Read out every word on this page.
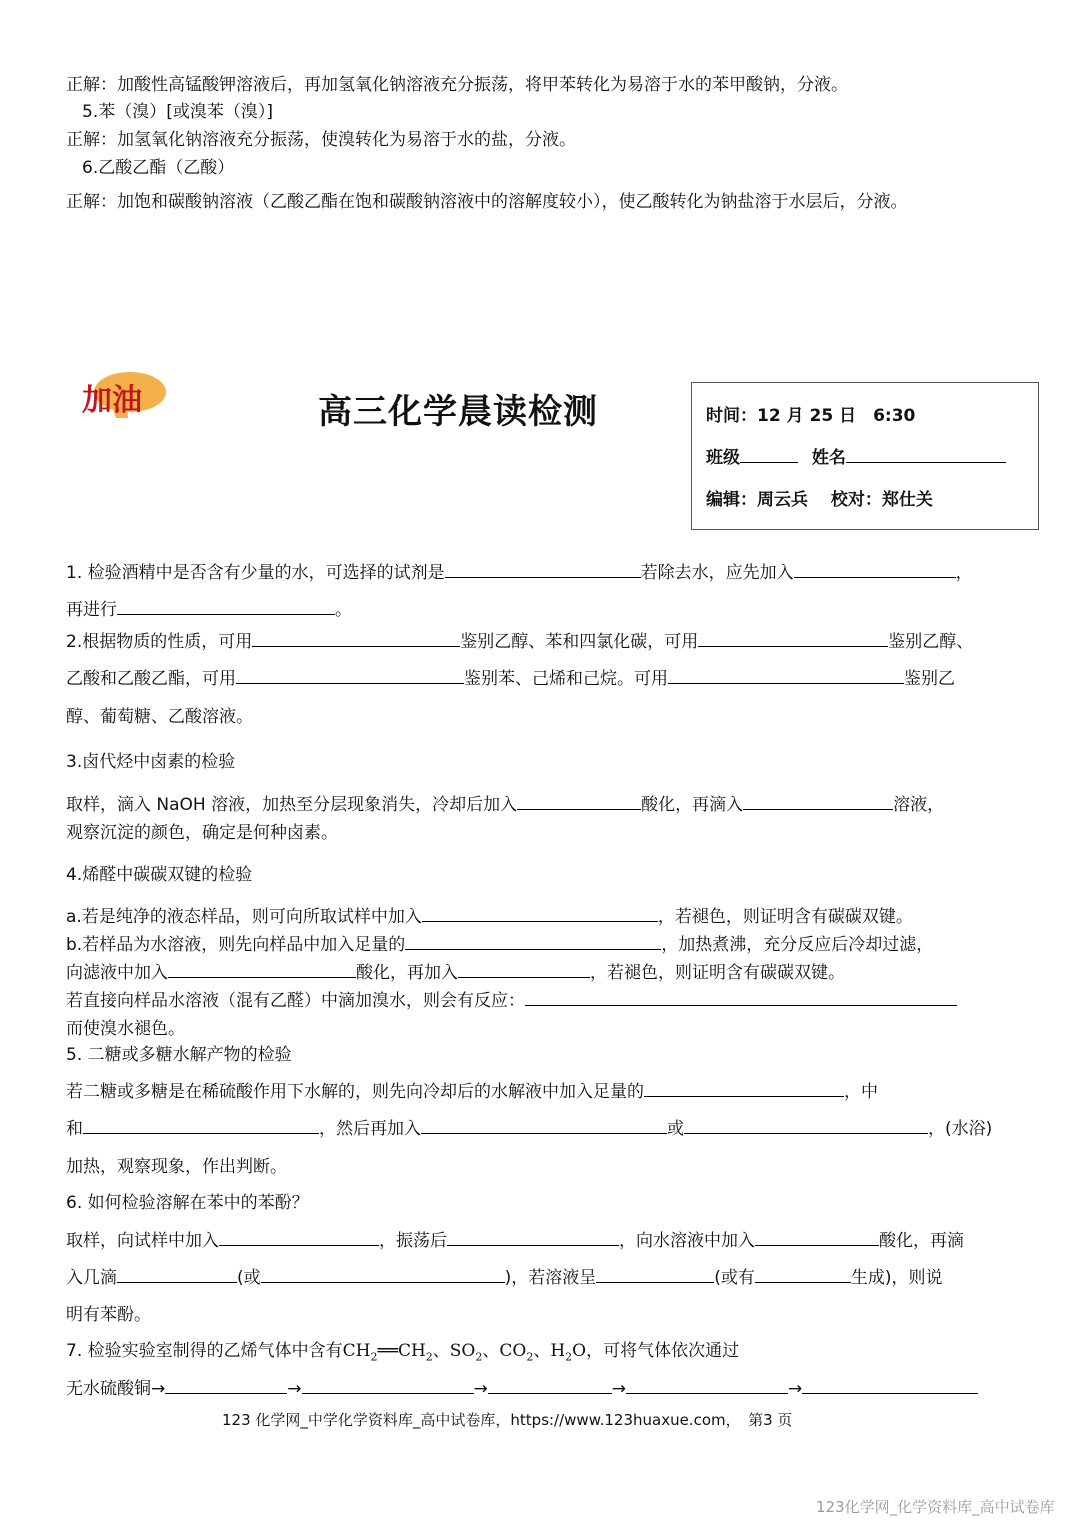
正解：加酸性高锰酸钾溶液后，再加氢氧化钠溶液充分振荡，将甲苯转化为易溶于水的苯甲酸钠，分液。
5.苯（溴）[或溴苯（溴）]
正解：加氢氧化钠溶液充分振荡，使溴转化为易溶于水的盐，分液。
6.乙酸乙酯（乙酸）
正解：加饱和碳酸钠溶液（乙酸乙酯在饱和碳酸钠溶液中的溶解度较小），使乙酸转化为钠盐溶于水层后，分液。
加油	高三化学晨读检测	时间：12 月 25 日　6:30
班级	姓名
编辑：周云兵　 校对：郑仕关
1. 检验酒精中是否含有少量的水，可选择的试剂是	若除去水，应先加入	，
再进行	。
2.根据物质的性质，可用	鉴别乙醇、苯和四氯化碳，可用	鉴别乙醇、
乙酸和乙酸乙酯，可用	鉴别苯、己烯和己烷。可用	鉴别乙
醇、葡萄糖、乙酸溶液。
3.卤代烃中卤素的检验
取样，滴入 NaOH 溶液，加热至分层现象消失，冷却后加入	酸化，再滴入	溶液，
观察沉淀的颜色，确定是何种卤素。
4.烯醛中碳碳双键的检验
a.若是纯净的液态样品，则可向所取试样中加入	，若褪色，则证明含有碳碳双键。
b.若样品为水溶液，则先向样品中加入足量的	，加热煮沸，充分反应后冷却过滤，
向滤液中加入	酸化，再加入	，若褪色，则证明含有碳碳双键。
若直接向样品水溶液（混有乙醛）中滴加溴水，则会有反应：
而使溴水褪色。
5. 二糖或多糖水解产物的检验
若二糖或多糖是在稀硫酸作用下水解的，则先向冷却后的水解液中加入足量的	，中
和	，然后再加入	或	，(水浴)
加热，观察现象，作出判断。
6. 如何检验溶解在苯中的苯酚？
取样，向试样中加入	，振荡后	，向水溶液中加入	酸化，再滴
入几滴	(或	)，若溶液呈	(或有	生成)，则说
明有苯酚。
7. 检验实验室制得的乙烯气体中含有$CH_2══CH_2$、$SO_2$、$CO_2$、$H_2O$，可将气体依次通过
无水硫酸铜→	→	→	→	→
123 化学网_中学化学资料库_高中试卷库，https://www.123huaxue.com，　第3 页
123化学网_化学资料库_高中试卷库
